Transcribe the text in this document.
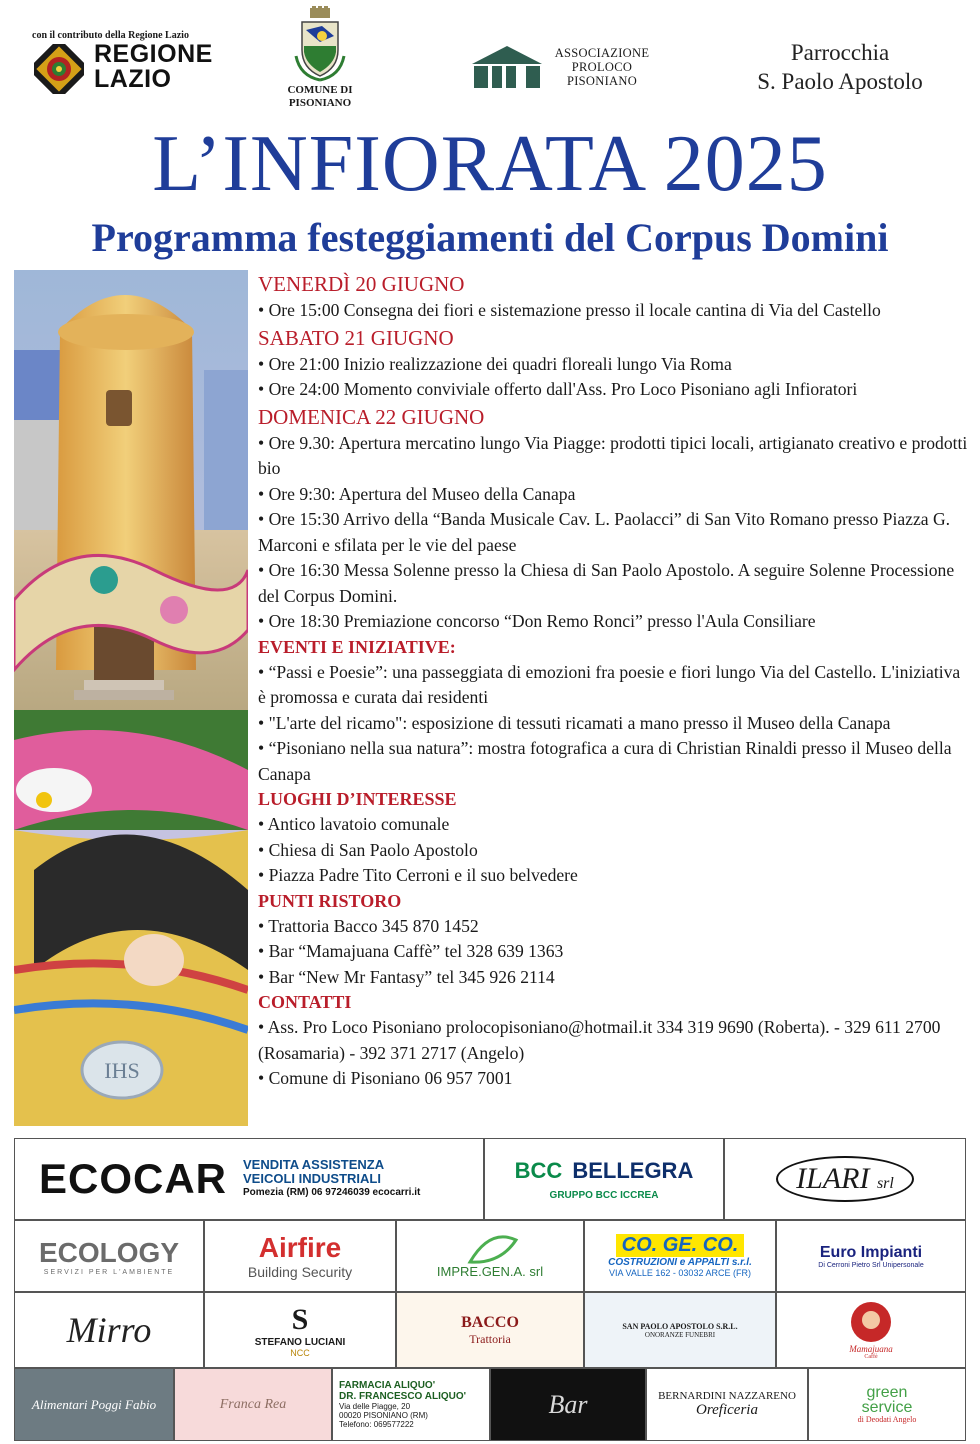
con il contributo della Regione Lazio
REGIONE
LAZIO	COMUNE DI
PISONIANO
ASSOCIAZIONE
PROLOCO
PISONIANO
Parrocchia
S. Paolo Apostolo
L’INFIORATA 2025
Programma festeggiamenti del Corpus Domini
IHS
VENERDÌ 20 GIUGNO
• Ore 15:00 Consegna dei fiori e sistemazione presso il locale cantina di Via del Castello
SABATO 21 GIUGNO
• Ore 21:00 Inizio realizzazione dei quadri floreali lungo Via Roma
• Ore 24:00 Momento conviviale offerto dall'Ass. Pro Loco Pisoniano agli Infioratori
DOMENICA 22 GIUGNO
• Ore 9.30: Apertura mercatino lungo Via Piagge: prodotti tipici locali, artigianato creativo e prodotti bio
• Ore 9:30: Apertura del Museo della Canapa
• Ore 15:30 Arrivo della “Banda Musicale Cav. L. Paolacci” di San Vito Romano presso Piazza G. Marconi e sfilata per le vie del paese
• Ore 16:30 Messa Solenne presso la Chiesa di San Paolo Apostolo. A seguire Solenne Processione del Corpus Domini.
• Ore 18:30 Premiazione concorso “Don Remo Ronci” presso l'Aula Consiliare
EVENTI E INIZIATIVE:
• “Passi e Poesie”: una passeggiata di emozioni fra poesie e fiori lungo Via del Castello. L'iniziativa è promossa e curata dai residenti
• "L'arte del ricamo": esposizione di tessuti ricamati a mano presso il Museo della Canapa
• “Pisoniano nella sua natura”: mostra fotografica a cura di Christian Rinaldi presso il Museo della Canapa
LUOGHI D’INTERESSE
• Antico lavatoio comunale
• Chiesa di San Paolo Apostolo
• Piazza Padre Tito Cerroni e il suo belvedere
PUNTI RISTORO
• Trattoria Bacco 345 870 1452
• Bar “Mamajuana Caffè” tel 328 639 1363
• Bar “New Mr Fantasy” tel 345 926 2114
CONTATTI
• Ass. Pro Loco Pisoniano prolocopisoniano@hotmail.it 334 319 9690 (Roberta). - 329 611 2700 (Rosamaria) - 392 371 2717 (Angelo)
• Comune di Pisoniano 06 957 7001
ECOCAR VENDITA ASSISTENZA
VEICOLI INDUSTRIALI
Pomezia (RM) 06 97246039 ecocarri.it
BCC BELLEGRA
GRUPPO BCC ICCREA	ILARI srl
ECOLOGY
SERVIZI PER L'AMBIENTE
Airfire
Building Security	IMPRE.GEN.A. srl
CO. GE. CO.
COSTRUZIONI e APPALTI s.r.l.
VIA VALLE 162 - 03032 ARCE (FR)
Euro Impianti
Di Cerroni Pietro Srl Unipersonale
Mirro	S
STEFANO LUCIANI
NCC
BACCO
Trattoria
SAN PAOLO APOSTOLO S.R.L.
ONORANZE FUNEBRI
Mamajuana
Caffè
Alimentari Poggi Fabio	Franca Rea
FARMACIA ALIQUO'
DR. FRANCESCO ALIQUO'
Via delle Piagge, 20
00020 PISONIANO (RM)
Telefono: 069577222
Bar	BERNARDINI NAZZARENO
Oreficeria
green
service
di Deodati Angelo
